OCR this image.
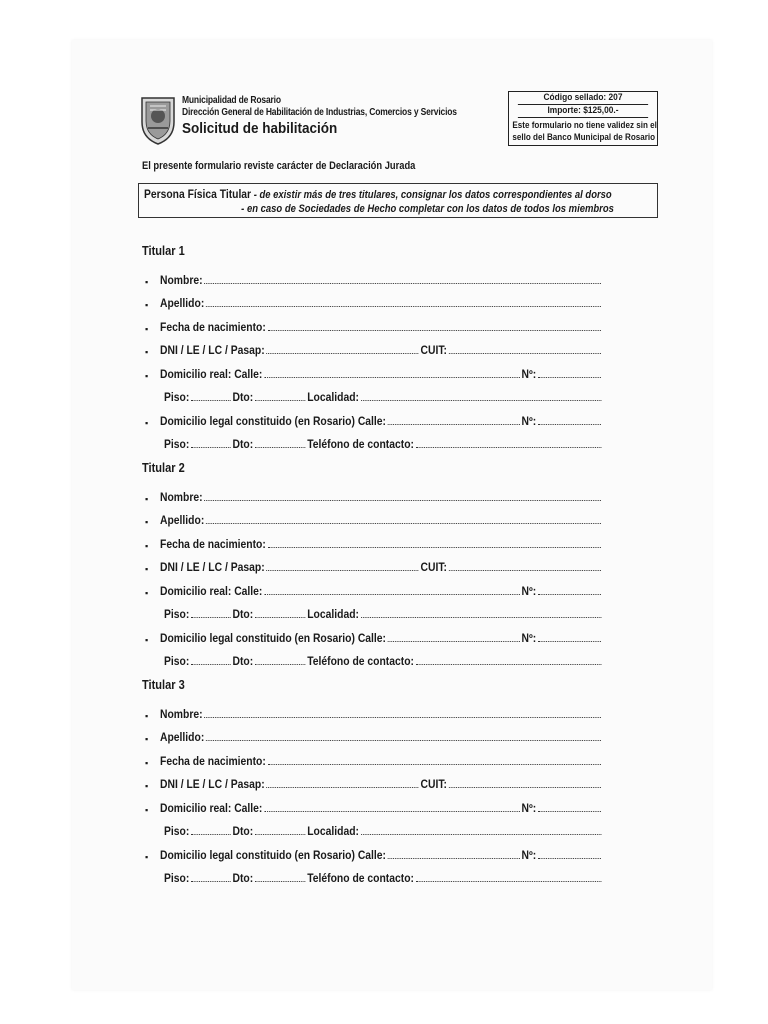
Municipalidad de Rosario
Dirección General de Habilitación de Industrias, Comercios y Servicios
Solicitud de habilitación
Código sellado: 207
Importe: $125,00.-
Este formulario no tiene validez sin el
sello del Banco Municipal de Rosario
El presente formulario reviste carácter de Declaración Jurada
Persona Física Titular - de existir más de tres titulares, consignar los datos correspondientes al dorso
- en caso de Sociedades de Hecho completar con los datos de todos los miembros
Titular 1
▪	Nombre:
▪	Apellido:
▪	Fecha de nacimiento:
▪	DNI / LE / LC / Pasap:	CUIT:
▪	Domicilio real: Calle:	Nº:
Piso:	Dto:	Localidad:
▪	Domicilio legal constituido (en Rosario) Calle:	Nº:
Piso:	Dto:	Teléfono de contacto:
Titular 2
▪	Nombre:
▪	Apellido:
▪	Fecha de nacimiento:
▪	DNI / LE / LC / Pasap:	CUIT:
▪	Domicilio real: Calle:	Nº:
Piso:	Dto:	Localidad:
▪	Domicilio legal constituido (en Rosario) Calle:	Nº:
Piso:	Dto:	Teléfono de contacto:
Titular 3
▪	Nombre:
▪	Apellido:
▪	Fecha de nacimiento:
▪	DNI / LE / LC / Pasap:	CUIT:
▪	Domicilio real: Calle:	Nº:
Piso:	Dto:	Localidad:
▪	Domicilio legal constituido (en Rosario) Calle:	Nº:
Piso:	Dto:	Teléfono de contacto:
